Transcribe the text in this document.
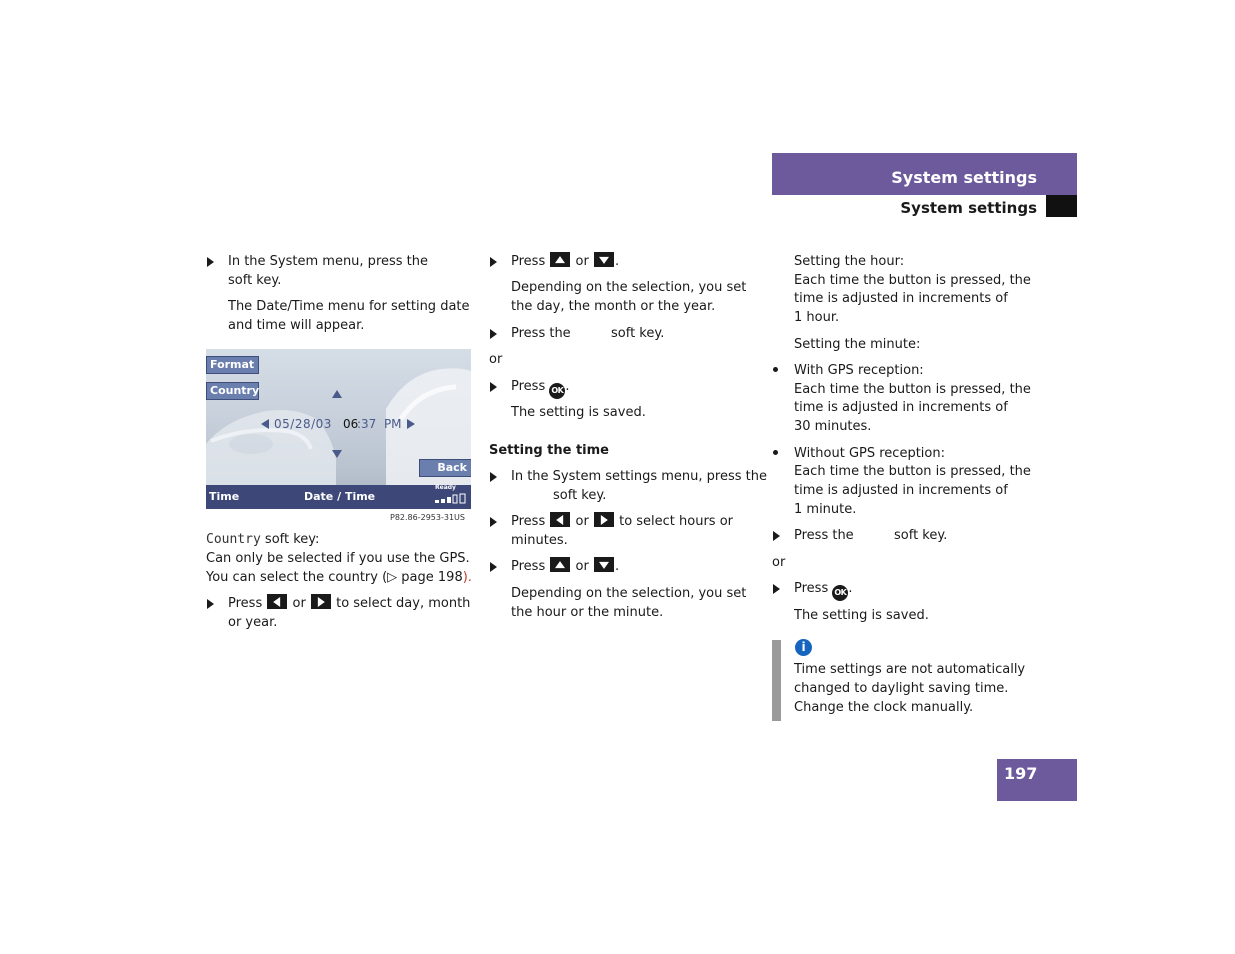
System settings
System settings
In the System menu, press the
soft key.
The Date/Time menu for setting date
and time will appear.
Format
Country
05/28/03 06
:37  PM
Back
Time	Date / Time
Ready
P82.86-2953-31US
Country soft key:
Can only be selected if you use the GPS.
You can select the country (▷ page 198).
Press or to select day, month
or year.
Press or .
Depending on the selection, you set
the day, the month or the year.
Press the	soft key.
or
Press OK .
The setting is saved.
Setting the time
In the System settings menu, press the
soft key.
Press or to select hours or
minutes.
Press or .
Depending on the selection, you set
the hour or the minute.
Setting the hour:
Each time the button is pressed, the
time is adjusted in increments of
1 hour.
Setting the minute:
With GPS reception:
Each time the button is pressed, the
time is adjusted in increments of
30 minutes.
Without GPS reception:
Each time the button is pressed, the
time is adjusted in increments of
1 minute.
Press the	soft key.
or
Press OK .
The setting is saved.
i
Time settings are not automatically
changed to daylight saving time.
Change the clock manually.
197
